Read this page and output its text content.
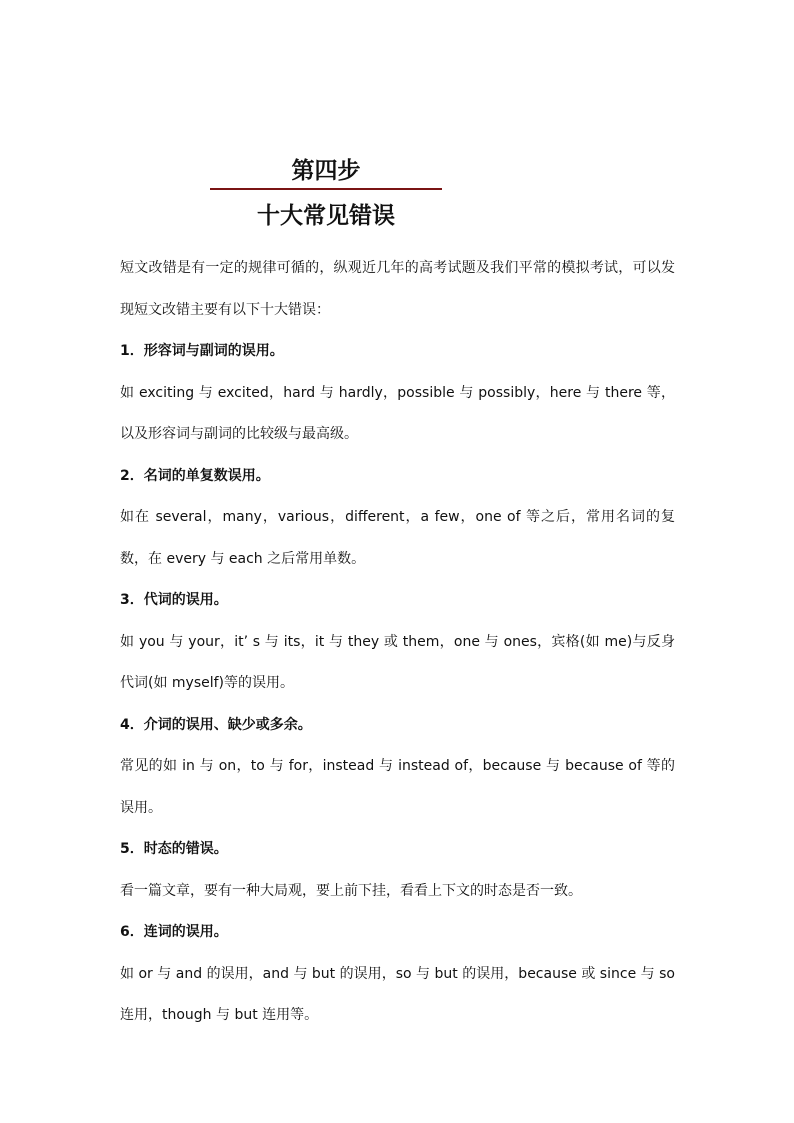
第四步
十大常见错误

短文改错是有一定的规律可循的，纵观近几年的高考试题及我们平常的模拟考试，可以发现短文改错主要有以下十大错误：

1．形容词与副词的误用。

如 exciting 与 excited，hard 与 hardly，possible 与 possibly，here 与 there 等，以及形容词与副词的比较级与最高级。

2．名词的单复数误用。

如在 several，many，various，different，a few，one of 等之后，常用名词的复数，在 every 与 each 之后常用单数。

3．代词的误用。

如 you 与 your，it’ s 与 its，it 与 they 或 them，one 与 ones，宾格(如 me)与反身代词(如 myself)等的误用。

4．介词的误用、缺少或多余。

常见的如 in 与 on，to 与 for，instead 与 instead of，because 与 because of 等的误用。

5．时态的错误。

看一篇文章，要有一种大局观，要上前下挂，看看上下文的时态是否一致。

6．连词的误用。

如 or 与 and 的误用，and 与 but 的误用，so 与 but 的误用，because 或 since 与 so 连用，though 与 but 连用等。
